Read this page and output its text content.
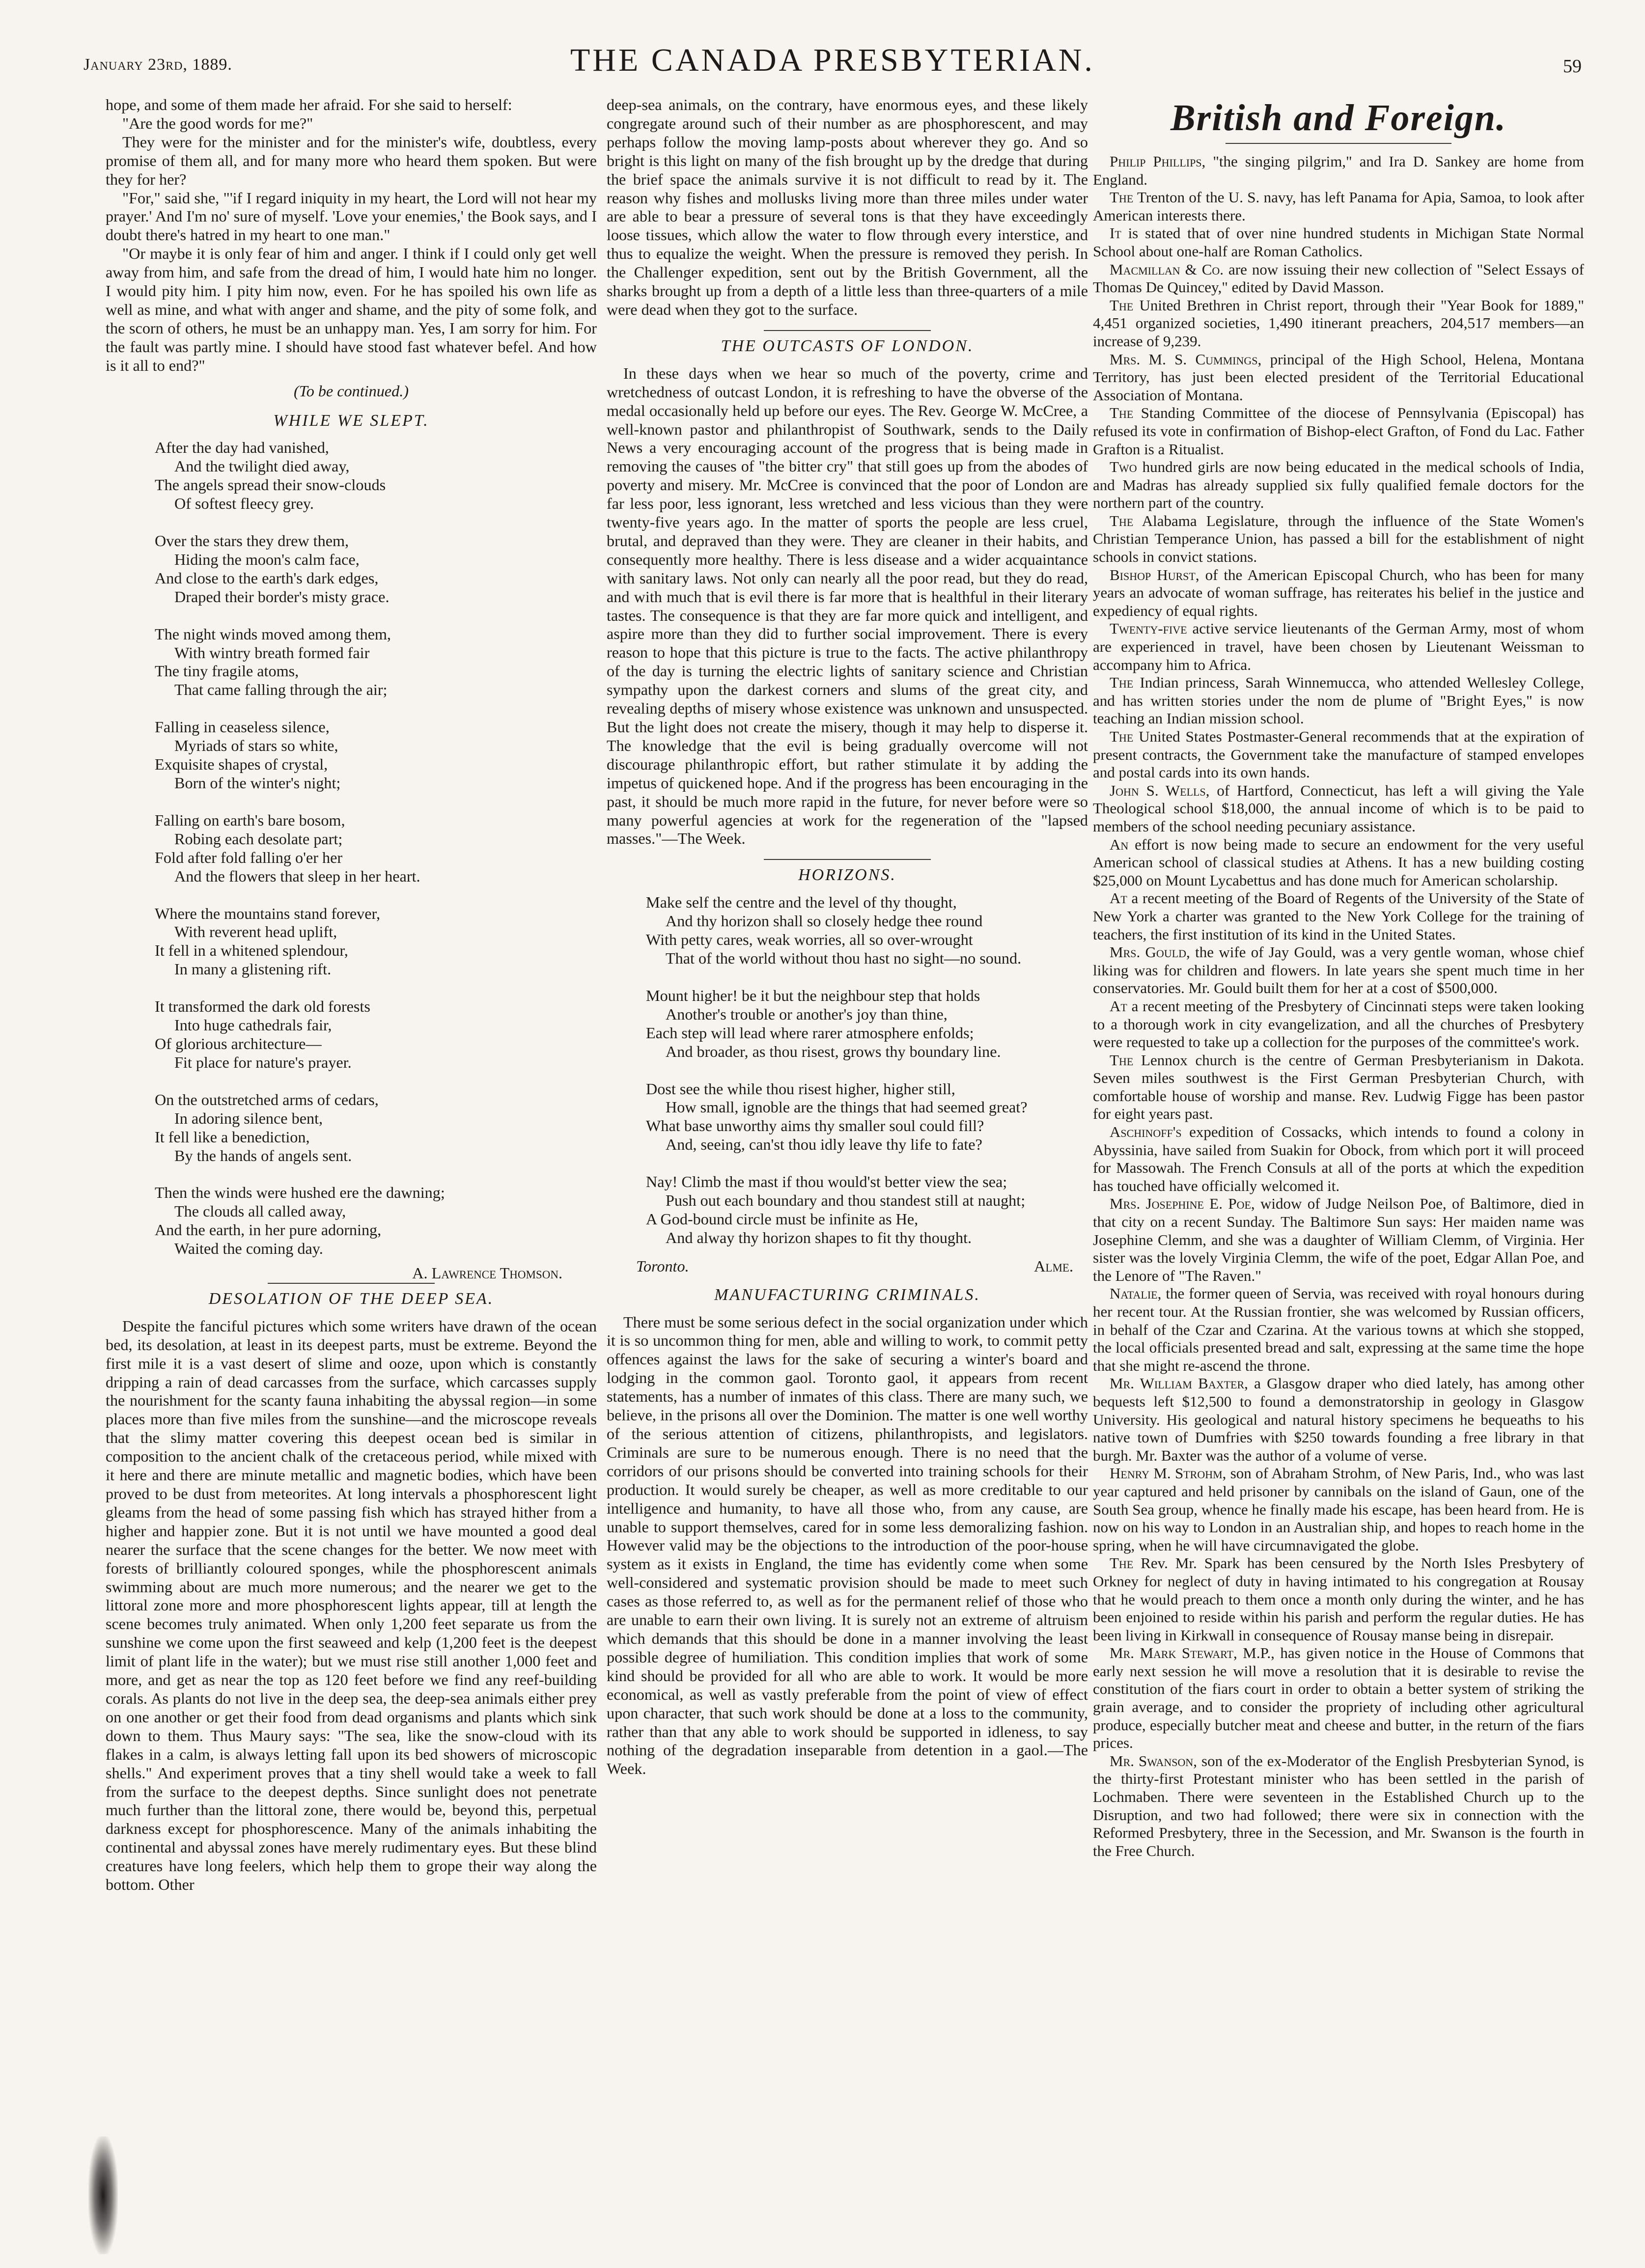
January 23rd, 1889.	THE CANADA PRESBYTERIAN.	59

hope, and some of them made her afraid. For she said to herself:

"Are the good words for me?"

They were for the minister and for the minister's wife, doubtless, every promise of them all, and for many more who heard them spoken. But were they for her?

"For," said she, "'if I regard iniquity in my heart, the Lord will not hear my prayer.' And I'm no' sure of myself. 'Love your enemies,' the Book says, and I doubt there's hatred in my heart to one man."

"Or maybe it is only fear of him and anger. I think if I could only get well away from him, and safe from the dread of him, I would hate him no longer. I would pity him. I pity him now, even. For he has spoiled his own life as well as mine, and what with anger and shame, and the pity of some folk, and the scorn of others, he must be an unhappy man. Yes, I am sorry for him. For the fault was partly mine. I should have stood fast whatever befel. And how is it all to end?"

(To be continued.)
WHILE WE SLEPT.
After the day had vanished,
And the twilight died away,
The angels spread their snow-clouds
Of softest fleecy grey.
Over the stars they drew them,
Hiding the moon's calm face,
And close to the earth's dark edges,
Draped their border's misty grace.
The night winds moved among them,
With wintry breath formed fair
The tiny fragile atoms,
That came falling through the air;
Falling in ceaseless silence,
Myriads of stars so white,
Exquisite shapes of crystal,
Born of the winter's night;
Falling on earth's bare bosom,
Robing each desolate part;
Fold after fold falling o'er her
And the flowers that sleep in her heart.
Where the mountains stand forever,
With reverent head uplift,
It fell in a whitened splendour,
In many a glistening rift.
It transformed the dark old forests
Into huge cathedrals fair,
Of glorious architecture—
Fit place for nature's prayer.
On the outstretched arms of cedars,
In adoring silence bent,
It fell like a benediction,
By the hands of angels sent.
Then the winds were hushed ere the dawning;
The clouds all called away,
And the earth, in her pure adorning,
Waited the coming day.
A. Lawrence Thomson.
DESOLATION OF THE DEEP SEA.

Despite the fanciful pictures which some writers have drawn of the ocean bed, its desolation, at least in its deepest parts, must be extreme. Beyond the first mile it is a vast desert of slime and ooze, upon which is constantly dripping a rain of dead carcasses from the surface, which carcasses supply the nourishment for the scanty fauna inhabiting the abyssal region—in some places more than five miles from the sunshine—and the microscope reveals that the slimy matter covering this deepest ocean bed is similar in composition to the ancient chalk of the cretaceous period, while mixed with it here and there are minute metallic and magnetic bodies, which have been proved to be dust from meteorites. At long intervals a phosphorescent light gleams from the head of some passing fish which has strayed hither from a higher and happier zone. But it is not until we have mounted a good deal nearer the surface that the scene changes for the better. We now meet with forests of brilliantly coloured sponges, while the phosphorescent animals swimming about are much more numerous; and the nearer we get to the littoral zone more and more phosphorescent lights appear, till at length the scene becomes truly animated. When only 1,200 feet separate us from the sunshine we come upon the first seaweed and kelp (1,200 feet is the deepest limit of plant life in the water); but we must rise still another 1,000 feet and more, and get as near the top as 120 feet before we find any reef-building corals. As plants do not live in the deep sea, the deep-sea animals either prey on one another or get their food from dead organisms and plants which sink down to them. Thus Maury says: "The sea, like the snow-cloud with its flakes in a calm, is always letting fall upon its bed showers of microscopic shells." And experiment proves that a tiny shell would take a week to fall from the surface to the deepest depths. Since sunlight does not penetrate much further than the littoral zone, there would be, beyond this, perpetual darkness except for phosphorescence. Many of the animals inhabiting the continental and abyssal zones have merely rudimentary eyes. But these blind creatures have long feelers, which help them to grope their way along the bottom. Other

deep-sea animals, on the contrary, have enormous eyes, and these likely congregate around such of their number as are phosphorescent, and may perhaps follow the moving lamp-posts about wherever they go. And so bright is this light on many of the fish brought up by the dredge that during the brief space the animals survive it is not difficult to read by it. The reason why fishes and mollusks living more than three miles under water are able to bear a pressure of several tons is that they have exceedingly loose tissues, which allow the water to flow through every interstice, and thus to equalize the weight. When the pressure is removed they perish. In the Challenger expedition, sent out by the British Government, all the sharks brought up from a depth of a little less than three-quarters of a mile were dead when they got to the surface.

THE OUTCASTS OF LONDON.

In these days when we hear so much of the poverty, crime and wretchedness of outcast London, it is refreshing to have the obverse of the medal occasionally held up before our eyes. The Rev. George W. McCree, a well-known pastor and philanthropist of Southwark, sends to the Daily News a very encouraging account of the progress that is being made in removing the causes of "the bitter cry" that still goes up from the abodes of poverty and misery. Mr. McCree is convinced that the poor of London are far less poor, less ignorant, less wretched and less vicious than they were twenty-five years ago. In the matter of sports the people are less cruel, brutal, and depraved than they were. They are cleaner in their habits, and consequently more healthy. There is less disease and a wider acquaintance with sanitary laws. Not only can nearly all the poor read, but they do read, and with much that is evil there is far more that is healthful in their literary tastes. The consequence is that they are far more quick and intelligent, and aspire more than they did to further social improvement. There is every reason to hope that this picture is true to the facts. The active philanthropy of the day is turning the electric lights of sanitary science and Christian sympathy upon the darkest corners and slums of the great city, and revealing depths of misery whose existence was unknown and unsuspected. But the light does not create the misery, though it may help to disperse it. The knowledge that the evil is being gradually overcome will not discourage philanthropic effort, but rather stimulate it by adding the impetus of quickened hope. And if the progress has been encouraging in the past, it should be much more rapid in the future, for never before were so many powerful agencies at work for the regeneration of the "lapsed masses."—The Week.

HORIZONS.
Make self the centre and the level of thy thought,
And thy horizon shall so closely hedge thee round
With petty cares, weak worries, all so over-wrought
That of the world without thou hast no sight—no sound.
Mount higher! be it but the neighbour step that holds
Another's trouble or another's joy than thine,
Each step will lead where rarer atmosphere enfolds;
And broader, as thou risest, grows thy boundary line.
Dost see the while thou risest higher, higher still,
How small, ignoble are the things that had seemed great?
What base unworthy aims thy smaller soul could fill?
And, seeing, can'st thou idly leave thy life to fate?
Nay! Climb the mast if thou would'st better view the sea;
Push out each boundary and thou standest still at naught;
A God-bound circle must be infinite as He,
And alway thy horizon shapes to fit thy thought.
Toronto.	Alme.
MANUFACTURING CRIMINALS.

There must be some serious defect in the social organization under which it is so uncommon thing for men, able and willing to work, to commit petty offences against the laws for the sake of securing a winter's board and lodging in the common gaol. Toronto gaol, it appears from recent statements, has a number of inmates of this class. There are many such, we believe, in the prisons all over the Dominion. The matter is one well worthy of the serious attention of citizens, philanthropists, and legislators. Criminals are sure to be numerous enough. There is no need that the corridors of our prisons should be converted into training schools for their production. It would surely be cheaper, as well as more creditable to our intelligence and humanity, to have all those who, from any cause, are unable to support themselves, cared for in some less demoralizing fashion. However valid may be the objections to the introduction of the poor-house system as it exists in England, the time has evidently come when some well-considered and systematic provision should be made to meet such cases as those referred to, as well as for the permanent relief of those who are unable to earn their own living. It is surely not an extreme of altruism which demands that this should be done in a manner involving the least possible degree of humiliation. This condition implies that work of some kind should be provided for all who are able to work. It would be more economical, as well as vastly preferable from the point of view of effect upon character, that such work should be done at a loss to the community, rather than that any able to work should be supported in idleness, to say nothing of the degradation inseparable from detention in a gaol.—The Week.

British and Foreign.

Philip Phillips, "the singing pilgrim," and Ira D. Sankey are home from England.

The Trenton of the U. S. navy, has left Panama for Apia, Samoa, to look after American interests there.

It is stated that of over nine hundred students in Michigan State Normal School about one-half are Roman Catholics.

Macmillan & Co. are now issuing their new collection of "Select Essays of Thomas De Quincey," edited by David Masson.

The United Brethren in Christ report, through their "Year Book for 1889," 4,451 organized societies, 1,490 itinerant preachers, 204,517 members—an increase of 9,239.

Mrs. M. S. Cummings, principal of the High School, Helena, Montana Territory, has just been elected president of the Territorial Educational Association of Montana.

The Standing Committee of the diocese of Pennsylvania (Episcopal) has refused its vote in confirmation of Bishop-elect Grafton, of Fond du Lac. Father Grafton is a Ritualist.

Two hundred girls are now being educated in the medical schools of India, and Madras has already supplied six fully qualified female doctors for the northern part of the country.

The Alabama Legislature, through the influence of the State Women's Christian Temperance Union, has passed a bill for the establishment of night schools in convict stations.

Bishop Hurst, of the American Episcopal Church, who has been for many years an advocate of woman suffrage, has reiterates his belief in the justice and expediency of equal rights.

Twenty-five active service lieutenants of the German Army, most of whom are experienced in travel, have been chosen by Lieutenant Weissman to accompany him to Africa.

The Indian princess, Sarah Winnemucca, who attended Wellesley College, and has written stories under the nom de plume of "Bright Eyes," is now teaching an Indian mission school.

The United States Postmaster-General recommends that at the expiration of present contracts, the Government take the manufacture of stamped envelopes and postal cards into its own hands.

John S. Wells, of Hartford, Connecticut, has left a will giving the Yale Theological school $18,000, the annual income of which is to be paid to members of the school needing pecuniary assistance.

An effort is now being made to secure an endowment for the very useful American school of classical studies at Athens. It has a new building costing $25,000 on Mount Lycabettus and has done much for American scholarship.

At a recent meeting of the Board of Regents of the University of the State of New York a charter was granted to the New York College for the training of teachers, the first institution of its kind in the United States.

Mrs. Gould, the wife of Jay Gould, was a very gentle woman, whose chief liking was for children and flowers. In late years she spent much time in her conservatories. Mr. Gould built them for her at a cost of $500,000.

At a recent meeting of the Presbytery of Cincinnati steps were taken looking to a thorough work in city evangelization, and all the churches of Presbytery were requested to take up a collection for the purposes of the committee's work.

The Lennox church is the centre of German Presbyterianism in Dakota. Seven miles southwest is the First German Presbyterian Church, with comfortable house of worship and manse. Rev. Ludwig Figge has been pastor for eight years past.

Aschinoff's expedition of Cossacks, which intends to found a colony in Abyssinia, have sailed from Suakin for Obock, from which port it will proceed for Massowah. The French Consuls at all of the ports at which the expedition has touched have officially welcomed it.

Mrs. Josephine E. Poe, widow of Judge Neilson Poe, of Baltimore, died in that city on a recent Sunday. The Baltimore Sun says: Her maiden name was Josephine Clemm, and she was a daughter of William Clemm, of Virginia. Her sister was the lovely Virginia Clemm, the wife of the poet, Edgar Allan Poe, and the Lenore of "The Raven."

Natalie, the former queen of Servia, was received with royal honours during her recent tour. At the Russian frontier, she was welcomed by Russian officers, in behalf of the Czar and Czarina. At the various towns at which she stopped, the local officials presented bread and salt, expressing at the same time the hope that she might re-ascend the throne.

Mr. William Baxter, a Glasgow draper who died lately, has among other bequests left $12,500 to found a demonstratorship in geology in Glasgow University. His geological and natural history specimens he bequeaths to his native town of Dumfries with $250 towards founding a free library in that burgh. Mr. Baxter was the author of a volume of verse.

Henry M. Strohm, son of Abraham Strohm, of New Paris, Ind., who was last year captured and held prisoner by cannibals on the island of Gaun, one of the South Sea group, whence he finally made his escape, has been heard from. He is now on his way to London in an Australian ship, and hopes to reach home in the spring, when he will have circumnavigated the globe.

The Rev. Mr. Spark has been censured by the North Isles Presbytery of Orkney for neglect of duty in having intimated to his congregation at Rousay that he would preach to them once a month only during the winter, and he has been enjoined to reside within his parish and perform the regular duties. He has been living in Kirkwall in consequence of Rousay manse being in disrepair.

Mr. Mark Stewart, M.P., has given notice in the House of Commons that early next session he will move a resolution that it is desirable to revise the constitution of the fiars court in order to obtain a better system of striking the grain average, and to consider the propriety of including other agricultural produce, especially butcher meat and cheese and butter, in the return of the fiars prices.

Mr. Swanson, son of the ex-Moderator of the English Presbyterian Synod, is the thirty-first Protestant minister who has been settled in the parish of Lochmaben. There were seventeen in the Established Church up to the Disruption, and two had followed; there were six in connection with the Reformed Presbytery, three in the Secession, and Mr. Swanson is the fourth in the Free Church.
